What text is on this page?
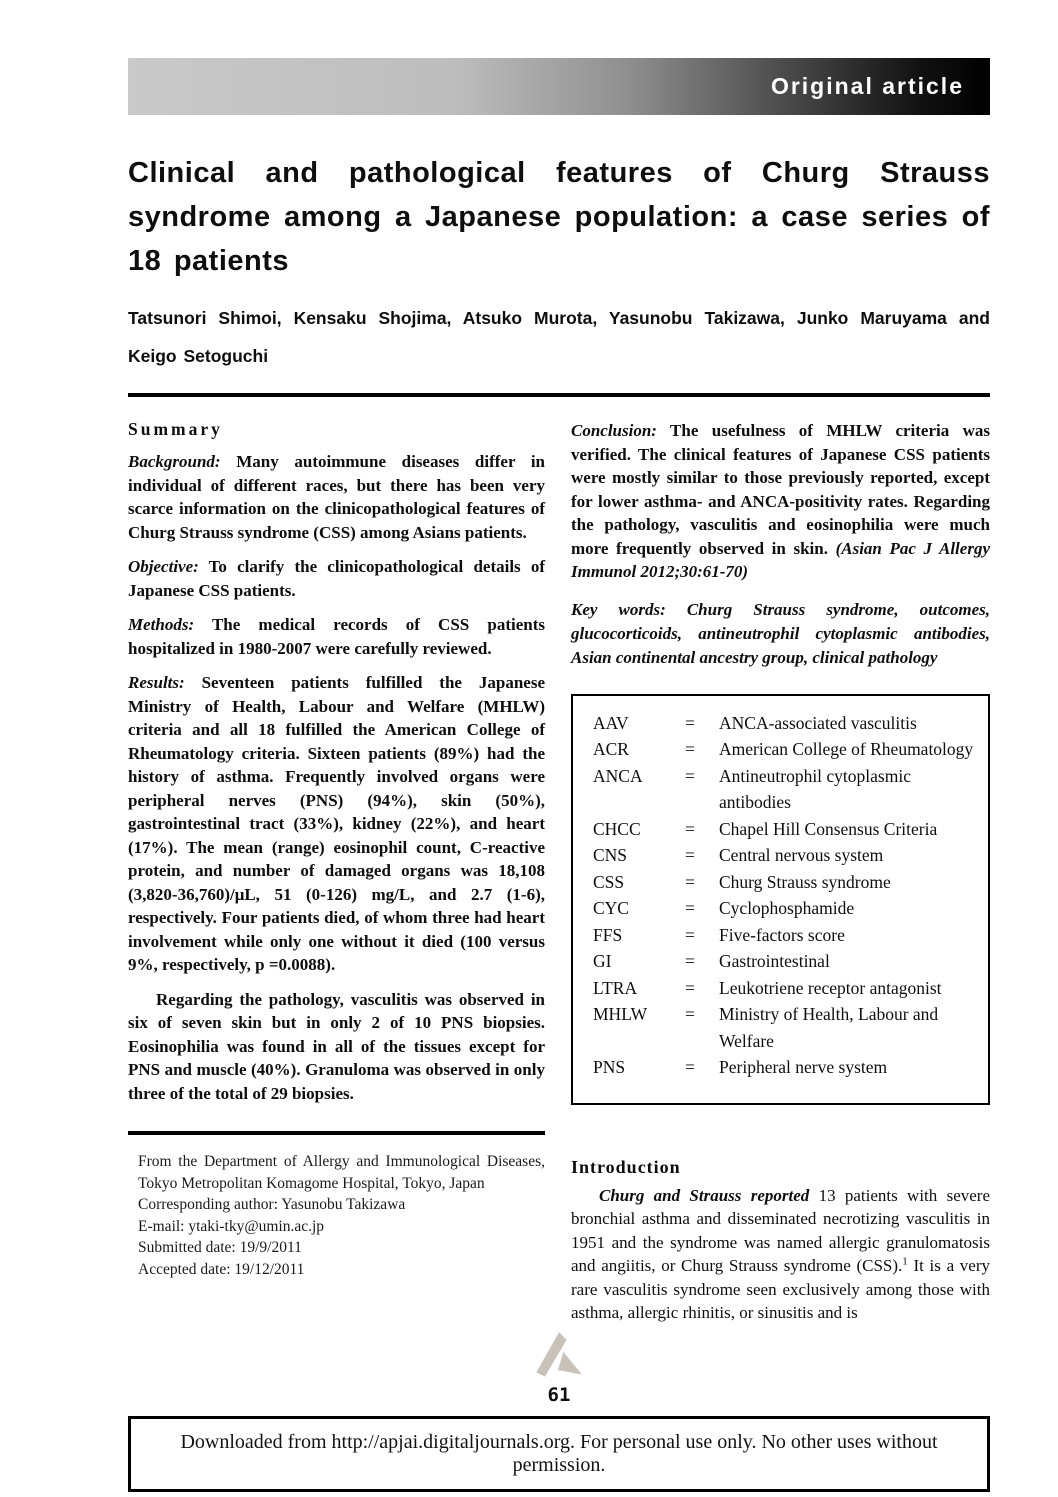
Original article
Clinical and pathological features of Churg Strauss syndrome among a Japanese population: a case series of 18 patients

Tatsunori Shimoi, Kensaku Shojima, Atsuko Murota, Yasunobu Takizawa, Junko Maruyama and Keigo Setoguchi

Summary

Background: Many autoimmune diseases differ in individual of different races, but there has been very scarce information on the clinicopathological features of Churg Strauss syndrome (CSS) among Asians patients.

Objective: To clarify the clinicopathological details of Japanese CSS patients.

Methods: The medical records of CSS patients hospitalized in 1980-2007 were carefully reviewed.

Results: Seventeen patients fulfilled the Japanese Ministry of Health, Labour and Welfare (MHLW) criteria and all 18 fulfilled the American College of Rheumatology criteria. Sixteen patients (89%) had the history of asthma. Frequently involved organs were peripheral nerves (PNS) (94%), skin (50%), gastrointestinal tract (33%), kidney (22%), and heart (17%). The mean (range) eosinophil count, C-reactive protein, and number of damaged organs was 18,108 (3,820-36,760)/μL, 51 (0-126) mg/L, and 2.7 (1-6), respectively. Four patients died, of whom three had heart involvement while only one without it died (100 versus 9%, respectively, p =0.0088).

Regarding the pathology, vasculitis was observed in six of seven skin but in only 2 of 10 PNS biopsies. Eosinophilia was found in all of the tissues except for PNS and muscle (40%). Granuloma was observed in only three of the total of 29 biopsies.

From the Department of Allergy and Immunological Diseases, Tokyo Metropolitan Komagome Hospital, Tokyo, Japan
Corresponding author: Yasunobu Takizawa
E-mail: ytaki-tky@umin.ac.jp
Submitted date: 19/9/2011
Accepted date: 19/12/2011

Conclusion: The usefulness of MHLW criteria was verified. The clinical features of Japanese CSS patients were mostly similar to those previously reported, except for lower asthma- and ANCA-positivity rates. Regarding the pathology, vasculitis and eosinophilia were much more frequently observed in skin. (Asian Pac J Allergy Immunol 2012;30:61-70)

Key words: Churg Strauss syndrome, outcomes, glucocorticoids, antineutrophil cytoplasmic antibodies, Asian continental ancestry group, clinical pathology

AAV	=	ANCA-associated vasculitis
ACR	=	American College of Rheumatology
ANCA	=	Antineutrophil cytoplasmic antibodies
CHCC	=	Chapel Hill Consensus Criteria
CNS	=	Central nervous system
CSS	=	Churg Strauss syndrome
CYC	=	Cyclophosphamide
FFS	=	Five-factors score
GI	=	Gastrointestinal
LTRA	=	Leukotriene receptor antagonist
MHLW	=	Ministry of Health, Labour and Welfare
PNS	=	Peripheral nerve system
Introduction

Churg and Strauss reported 13 patients with severe bronchial asthma and disseminated necrotizing vasculitis in 1951 and the syndrome was named allergic granulomatosis and angiitis, or Churg Strauss syndrome (CSS).$^1$ It is a very rare vasculitis syndrome seen exclusively among those with asthma, allergic rhinitis, or sinusitis and is

61
Downloaded from http://apjai.digitaljournals.org. For personal use only. No other uses without permission.
